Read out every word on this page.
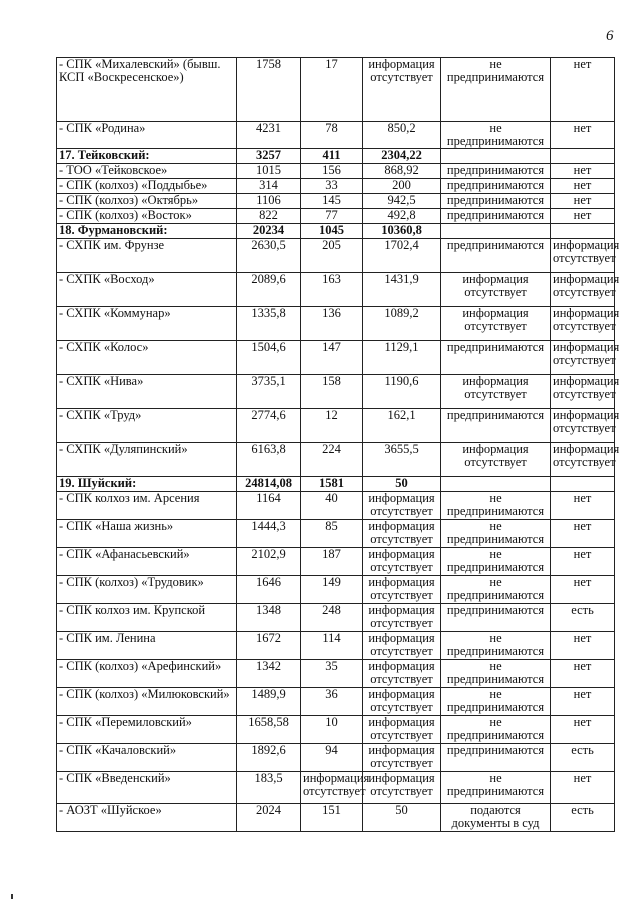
6
- СПК «Михалевский» (бывш. КСП «Воскресенское»)	1758	17	информация отсутствует	не предпринимаются	нет
- СПК «Родина»	4231	78	850,2	не предпринимаются	нет
17. Тейковский:	3257	411	2304,22		
- ТОО «Тейковское»	1015	156	868,92	предпринимаются	нет
- СПК (колхоз) «Поддыбье»	314	33	200	предпринимаются	нет
- СПК (колхоз) «Октябрь»	1106	145	942,5	предпринимаются	нет
- СПК (колхоз) «Восток»	822	77	492,8	предпринимаются	нет
18. Фурмановский:	20234	1045	10360,8		
- СХПК им. Фрунзе	2630,5	205	1702,4	предпринимаются	информация отсутствует
- СХПК «Восход»	2089,6	163	1431,9	информация отсутствует	информация отсутствует
- СХПК «Коммунар»	1335,8	136	1089,2	информация отсутствует	информация отсутствует
- СХПК «Колос»	1504,6	147	1129,1	предпринимаются	информация отсутствует
- СХПК «Нива»	3735,1	158	1190,6	информация отсутствует	информация отсутствует
- СХПК «Труд»	2774,6	12	162,1	предпринимаются	информация отсутствует
- СХПК «Дуляпинский»	6163,8	224	3655,5	информация отсутствует	информация отсутствует
19. Шуйский:	24814,08	1581	50		
- СПК колхоз им. Арсения	1164	40	информация отсутствует	не предпринимаются	нет
- СПК «Наша жизнь»	1444,3	85	информация отсутствует	не предпринимаются	нет
- СПК «Афанасьевский»	2102,9	187	информация отсутствует	не предпринимаются	нет
- СПК (колхоз) «Трудовик»	1646	149	информация отсутствует	не предпринимаются	нет
- СПК колхоз им. Крупской	1348	248	информация отсутствует	предпринимаются	есть
- СПК им. Ленина	1672	114	информация отсутствует	не предпринимаются	нет
- СПК (колхоз) «Арефинский»	1342	35	информация отсутствует	не предпринимаются	нет
- СПК (колхоз) «Милюковский»	1489,9	36	информация отсутствует	не предпринимаются	нет
- СПК «Перемиловский»	1658,58	10	информация отсутствует	не предпринимаются	нет
- СПК «Качаловский»	1892,6	94	информация отсутствует	предпринимаются	есть
- СПК «Введенский»	183,5	информация отсутствует	информация отсутствует	не предпринимаются	нет
- АОЗТ «Шуйское»	2024	151	50	подаются документы в суд	есть
